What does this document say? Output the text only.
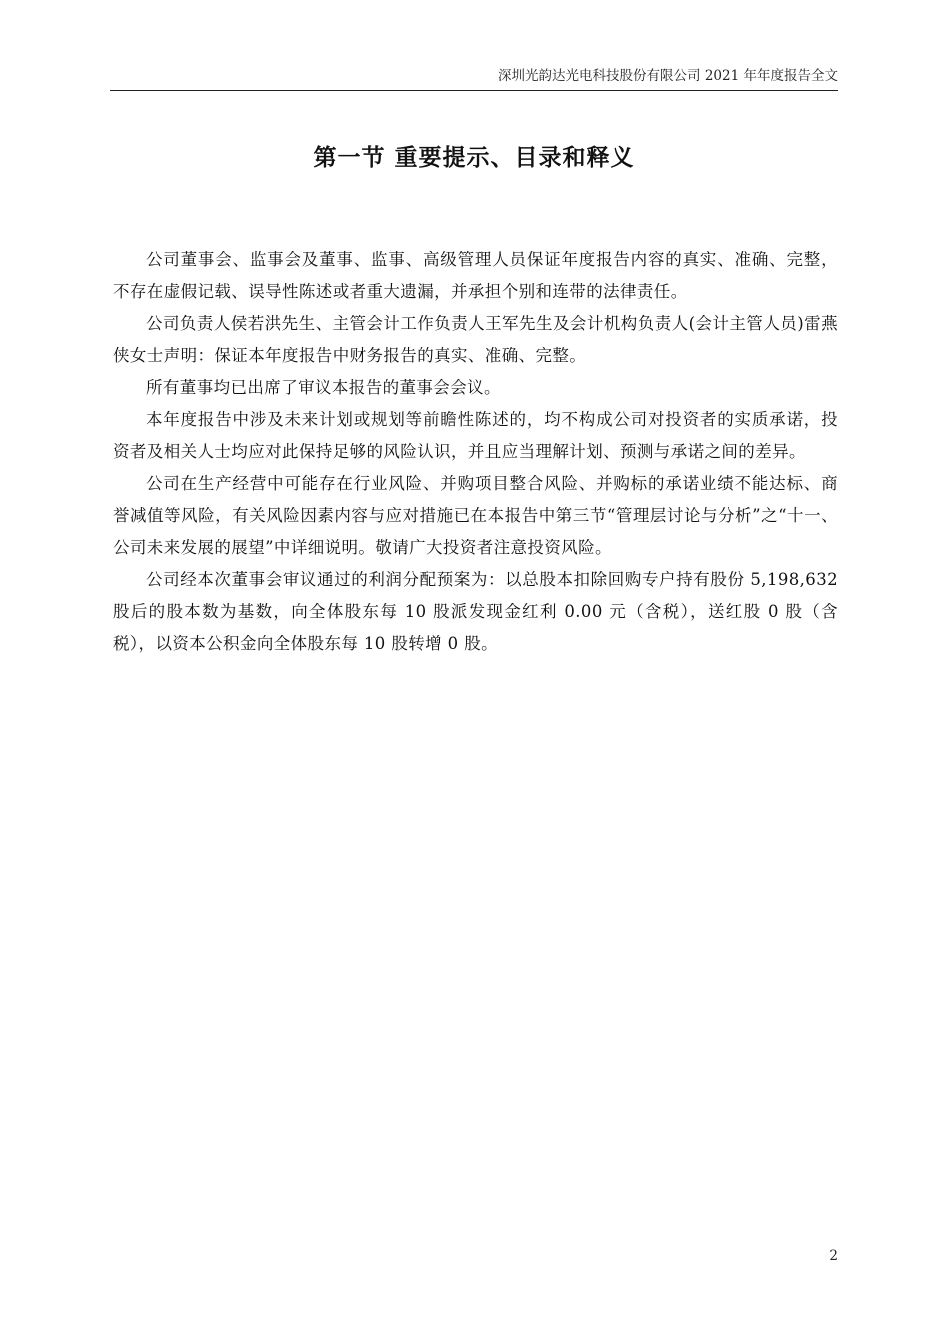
深圳光韵达光电科技股份有限公司 2021 年年度报告全文
第一节 重要提示、目录和释义

公司董事会、监事会及董事、监事、高级管理人员保证年度报告内容的真实、准确、完整，不存在虚假记载、误导性陈述或者重大遗漏，并承担个别和连带的法律责任。

公司负责人侯若洪先生、主管会计工作负责人王军先生及会计机构负责人(会计主管人员)雷燕侠女士声明：保证本年度报告中财务报告的真实、准确、完整。

所有董事均已出席了审议本报告的董事会会议。

本年度报告中涉及未来计划或规划等前瞻性陈述的，均不构成公司对投资者的实质承诺，投资者及相关人士均应对此保持足够的风险认识，并且应当理解计划、预测与承诺之间的差异。

公司在生产经营中可能存在行业风险、并购项目整合风险、并购标的承诺业绩不能达标、商誉减值等风险，有关风险因素内容与应对措施已在本报告中第三节“管理层讨论与分析”之“十一、公司未来发展的展望”中详细说明。敬请广大投资者注意投资风险。

公司经本次董事会审议通过的利润分配预案为：以总股本扣除回购专户持有股份 5,198,632 股后的股本数为基数，向全体股东每 10 股派发现金红利 0.00 元（含税），送红股 0 股（含税），以资本公积金向全体股东每 10 股转增 0 股。

2
